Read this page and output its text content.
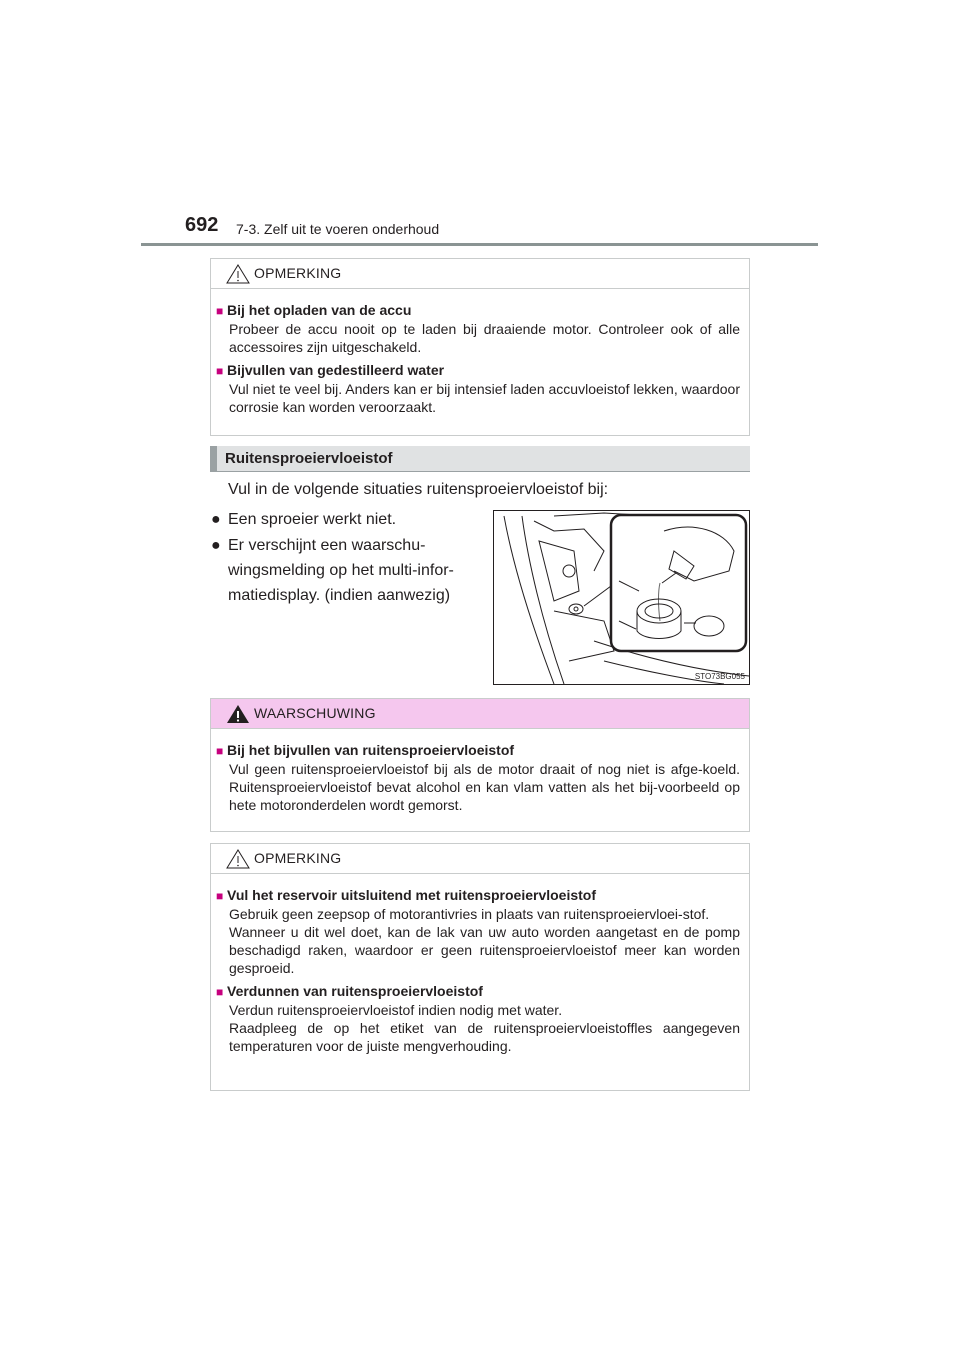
692 7-3. Zelf uit te voeren onderhoud
OPMERKING
■ Bij het opladen van de accu
Probeer de accu nooit op te laden bij draaiende motor. Controleer ook of alle accessoires zijn uitgeschakeld.
■ Bijvullen van gedestilleerd water
Vul niet te veel bij. Anders kan er bij intensief laden accuvloeistof lekken, waardoor corrosie kan worden veroorzaakt.
Ruitensproeiervloeistof
Vul in de volgende situaties ruitensproeiervloeistof bij:
● Een sproeier werkt niet.
● Er verschijnt een waarschu-
wingsmelding op het multi-infor-
matiedisplay. (indien aanwezig)
STO73BG055
WAARSCHUWING
■ Bij het bijvullen van ruitensproeiervloeistof
Vul geen ruitensproeiervloeistof bij als de motor draait of nog niet is afge-koeld. Ruitensproeiervloeistof bevat alcohol en kan vlam vatten als het bij-voorbeeld op hete motoronderdelen wordt gemorst.
OPMERKING
■ Vul het reservoir uitsluitend met ruitensproeiervloeistof
Gebruik geen zeepsop of motorantivries in plaats van ruitensproeiervloei-stof.
Wanneer u dit wel doet, kan de lak van uw auto worden aangetast en de pomp beschadigd raken, waardoor er geen ruitensproeiervloeistof meer kan worden gesproeid.
■ Verdunnen van ruitensproeiervloeistof
Verdun ruitensproeiervloeistof indien nodig met water.
Raadpleeg de op het etiket van de ruitensproeiervloeistoffles aangegeven temperaturen voor de juiste mengverhouding.
